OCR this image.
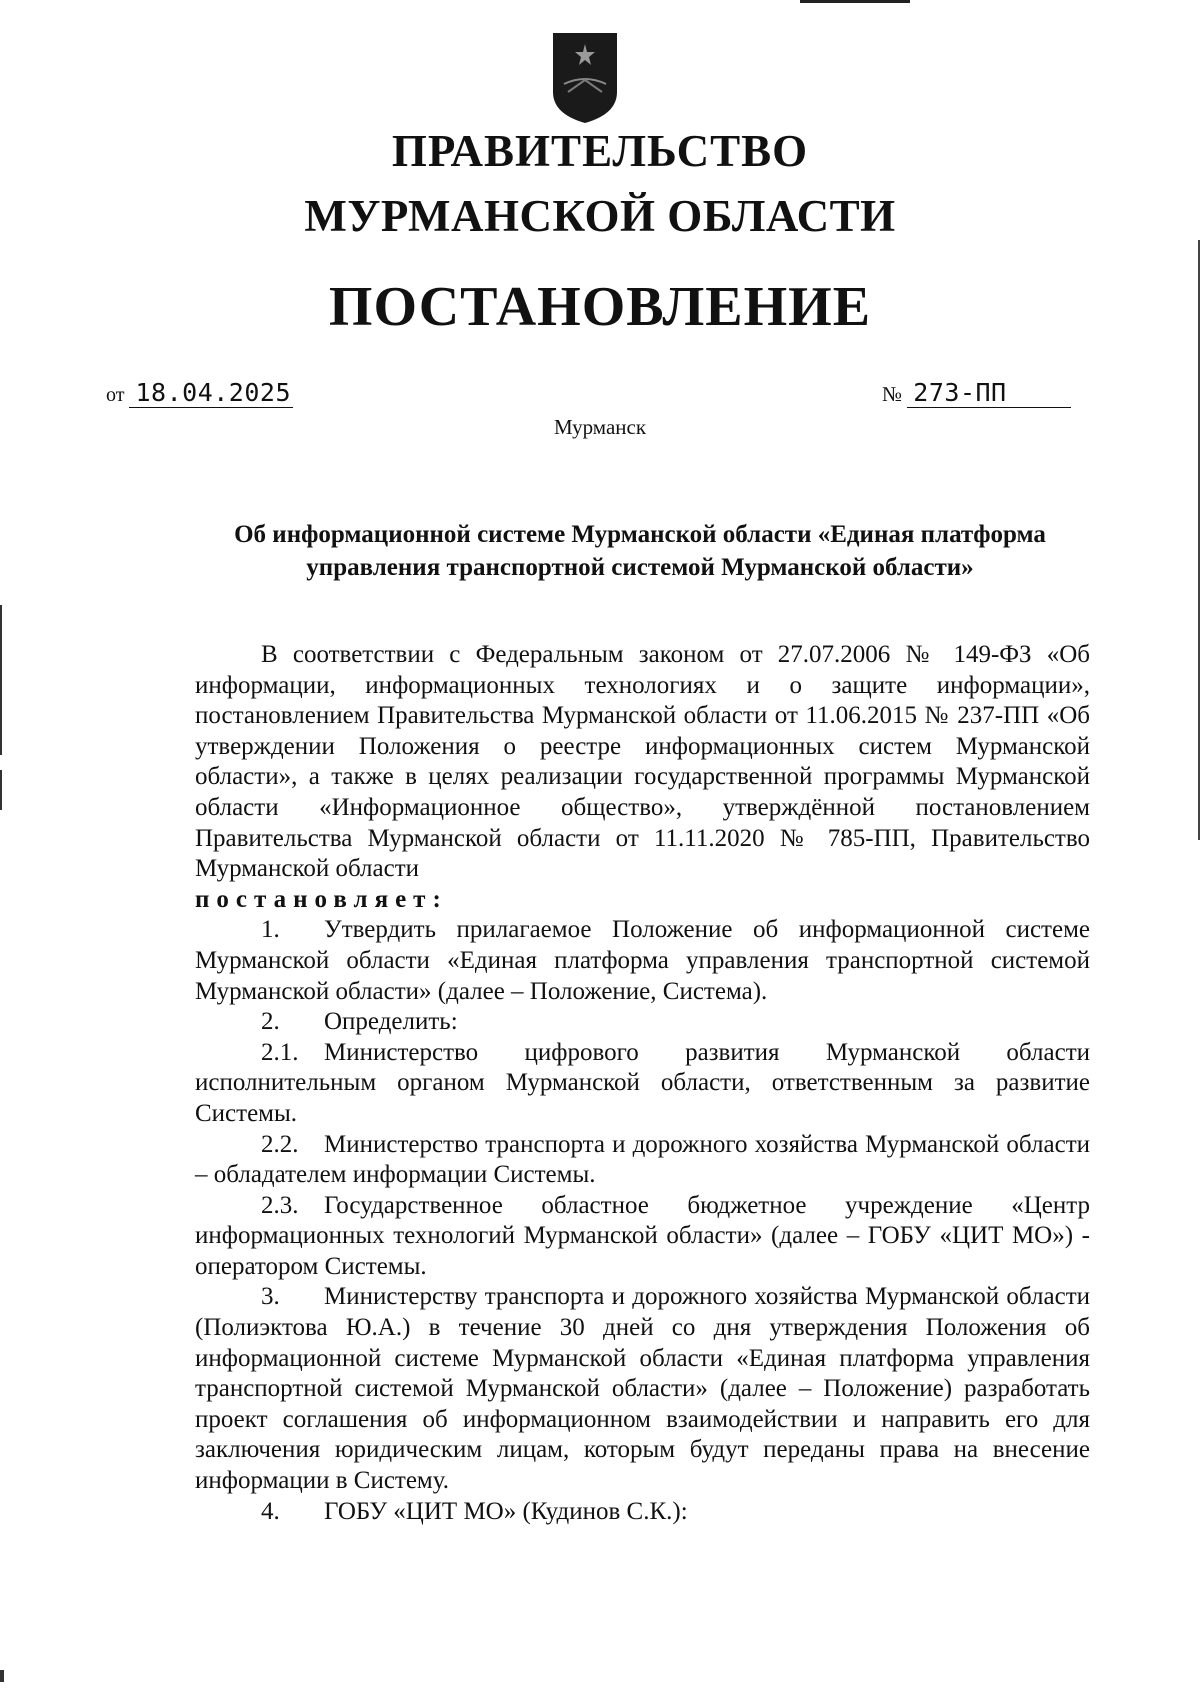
ПРАВИТЕЛЬСТВО
МУРМАНСКОЙ ОБЛАСТИ
ПОСТАНОВЛЕНИЕ
от 18.04.2025	№ 273-ПП
Мурманск
Об информационной системе Мурманской области «Единая платформа управления транспортной системой Мурманской области»

В соответствии с Федеральным законом от 27.07.2006 № 149-ФЗ «Об информации, информационных технологиях и о защите информации», постановлением Правительства Мурманской области от 11.06.2015 № 237-ПП «Об утверждении Положения о реестре информационных систем Мурманской области», а также в целях реализации государственной программы Мурманской области «Информационное общество», утверждённой постановлением Правительства Мурманской области от 11.11.2020 № 785-ПП, Правительство Мурманской области

постановляет:

1. Утвердить прилагаемое Положение об информационной системе Мурманской области «Единая платформа управления транспортной системой Мурманской области» (далее – Положение, Система).

2. Определить:

2.1. Министерство цифрового развития Мурманской области исполнительным органом Мурманской области, ответственным за развитие Системы.

2.2. Министерство транспорта и дорожного хозяйства Мурманской области – обладателем информации Системы.

2.3. Государственное областное бюджетное учреждение «Центр информационных технологий Мурманской области» (далее – ГОБУ «ЦИТ МО») - оператором Системы.

3. Министерству транспорта и дорожного хозяйства Мурманской области (Полиэктова Ю.А.) в течение 30 дней со дня утверждения Положения об информационной системе Мурманской области «Единая платформа управления транспортной системой Мурманской области» (далее – Положение) разработать проект соглашения об информационном взаимодействии и направить его для заключения юридическим лицам, которым будут переданы права на внесение информации в Систему.

4. ГОБУ «ЦИТ МО» (Кудинов С.К.):
